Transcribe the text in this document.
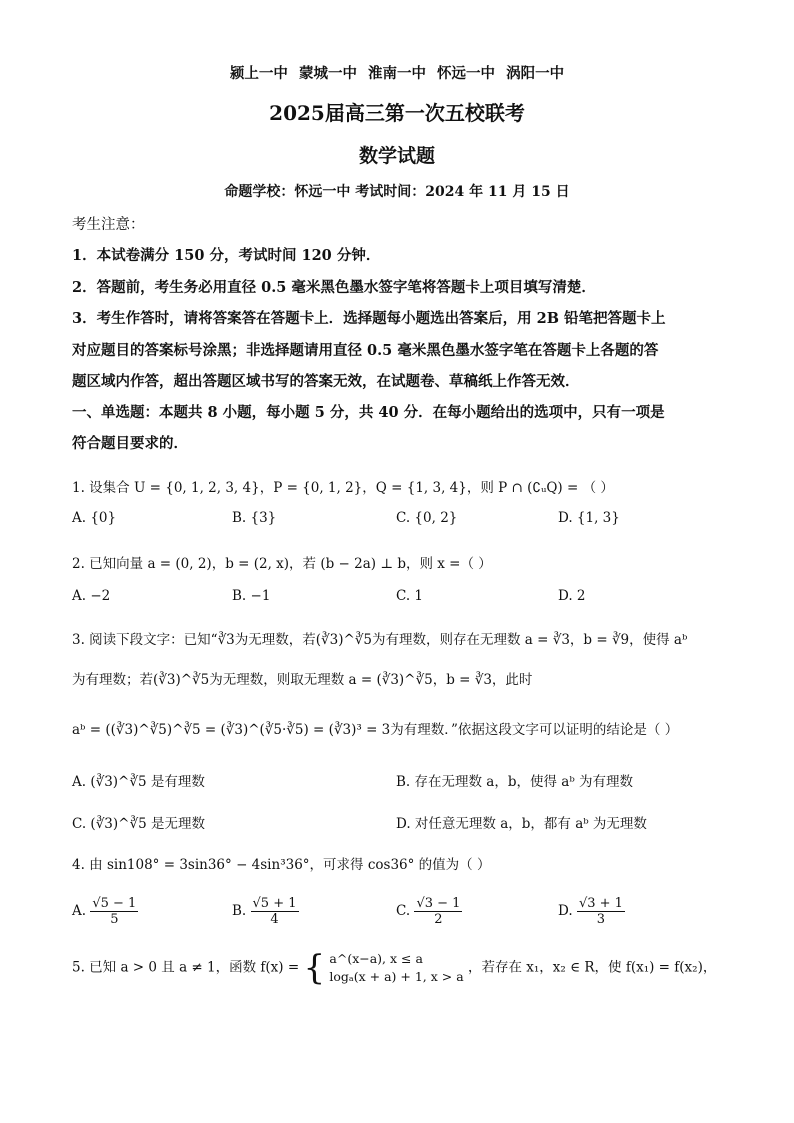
颍上一中 蒙城一中 淮南一中 怀远一中 涡阳一中
2025届高三第一次五校联考
数学试题
命题学校：怀远一中 考试时间：2024 年 11 月 15 日
考生注意：
1．本试卷满分 150 分，考试时间 120 分钟．
2．答题前，考生务必用直径 0.5 毫米黑色墨水签字笔将答题卡上项目填写清楚．
3．考生作答时，请将答案答在答题卡上．选择题每小题选出答案后，用 2B 铅笔把答题卡上
对应题目的答案标号涂黑；非选择题请用直径 0.5 毫米黑色墨水签字笔在答题卡上各题的答
题区域内作答，超出答题区域书写的答案无效，在试题卷、草稿纸上作答无效．
一、单选题：本题共 8 小题，每小题 5 分，共 40 分．在每小题给出的选项中，只有一项是
符合题目要求的．
1. 设集合 U = {0, 1, 2, 3, 4}，P = {0, 1, 2}，Q = {1, 3, 4}，则 P ∩ (∁ᵤQ) = （ ）
A. {0}	B. {3}	C. {0, 2}	D. {1, 3}
2. 已知向量 a = (0, 2)，b = (2, x)，若 (b − 2a) ⊥ b，则 x =（ ）
A. −2	B. −1	C. 1	D. 2
3. 阅读下段文字：已知“∛3为无理数，若(∛3)^∛5为有理数，则存在无理数 a = ∛3，b = ∛9，使得 aᵇ
为有理数；若(∛3)^∛5为无理数，则取无理数 a = (∛3)^∛5，b = ∛3，此时
aᵇ = ((∛3)^∛5)^∛5 = (∛3)^(∛5·∛5) = (∛3)³ = 3为有理数．”依据这段文字可以证明的结论是（ ）
A. (∛3)^∛5 是有理数	B. 存在无理数 a，b，使得 aᵇ 为有理数
C. (∛3)^∛5 是无理数	D. 对任意无理数 a，b，都有 aᵇ 为无理数
4. 由 sin108° = 3sin36° − 4sin³36°，可求得 cos36° 的值为（ ）
A. $\frac{√5 - 1}{5}$	B. $\frac{√5 + 1}{4}$	C. $\frac{√3 - 1}{2}$	D. $\frac{√3 + 1}{3}$
5. 已知 a > 0 且 a ≠ 1，函数 f(x) = { a^(x−a), x ≤ a
logₐ(x + a) + 1, x > a
，若存在 x₁，x₂ ∈ R，使 f(x₁) = f(x₂)，
